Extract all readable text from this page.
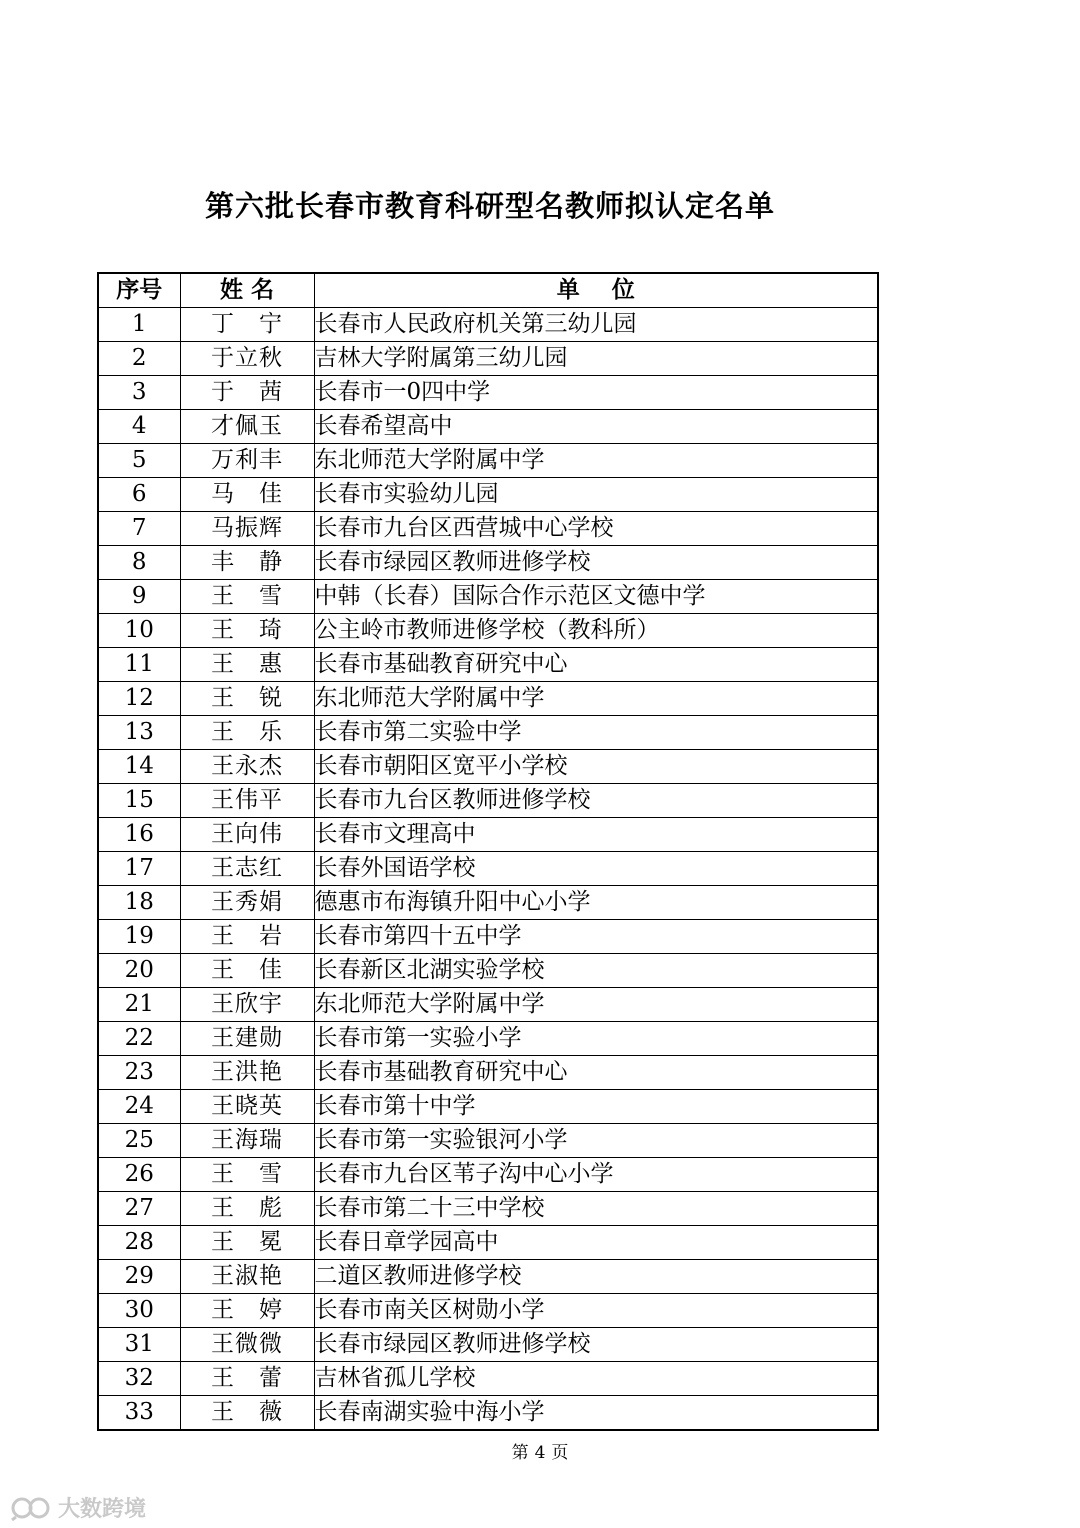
第六批长春市教育科研型名教师拟认定名单
序号	姓 名	单    位
1	丁　宁	长春市人民政府机关第三幼儿园
2	于立秋	吉林大学附属第三幼儿园
3	于　茜	长春市一0四中学
4	才佩玉	长春希望高中
5	万利丰	东北师范大学附属中学
6	马　佳	长春市实验幼儿园
7	马振辉	长春市九台区西营城中心学校
8	丰　静	长春市绿园区教师进修学校
9	王　雪	中韩（长春）国际合作示范区文德中学
10	王　琦	公主岭市教师进修学校（教科所）
11	王　惠	长春市基础教育研究中心
12	王　锐	东北师范大学附属中学
13	王　乐	长春市第二实验中学
14	王永杰	长春市朝阳区宽平小学校
15	王伟平	长春市九台区教师进修学校
16	王向伟	长春市文理高中
17	王志红	长春外国语学校
18	王秀娟	德惠市布海镇升阳中心小学
19	王　岩	长春市第四十五中学
20	王　佳	长春新区北湖实验学校
21	王欣宇	东北师范大学附属中学
22	王建勋	长春市第一实验小学
23	王洪艳	长春市基础教育研究中心
24	王晓英	长春市第十中学
25	王海瑞	长春市第一实验银河小学
26	王　雪	长春市九台区苇子沟中心小学
27	王　彪	长春市第二十三中学校
28	王　冕	长春日章学园高中
29	王淑艳	二道区教师进修学校
30	王　婷	长春市南关区树勋小学
31	王微微	长春市绿园区教师进修学校
32	王　蕾	吉林省孤儿学校
33	王　薇	长春南湖实验中海小学
第 4 页
大数跨境
